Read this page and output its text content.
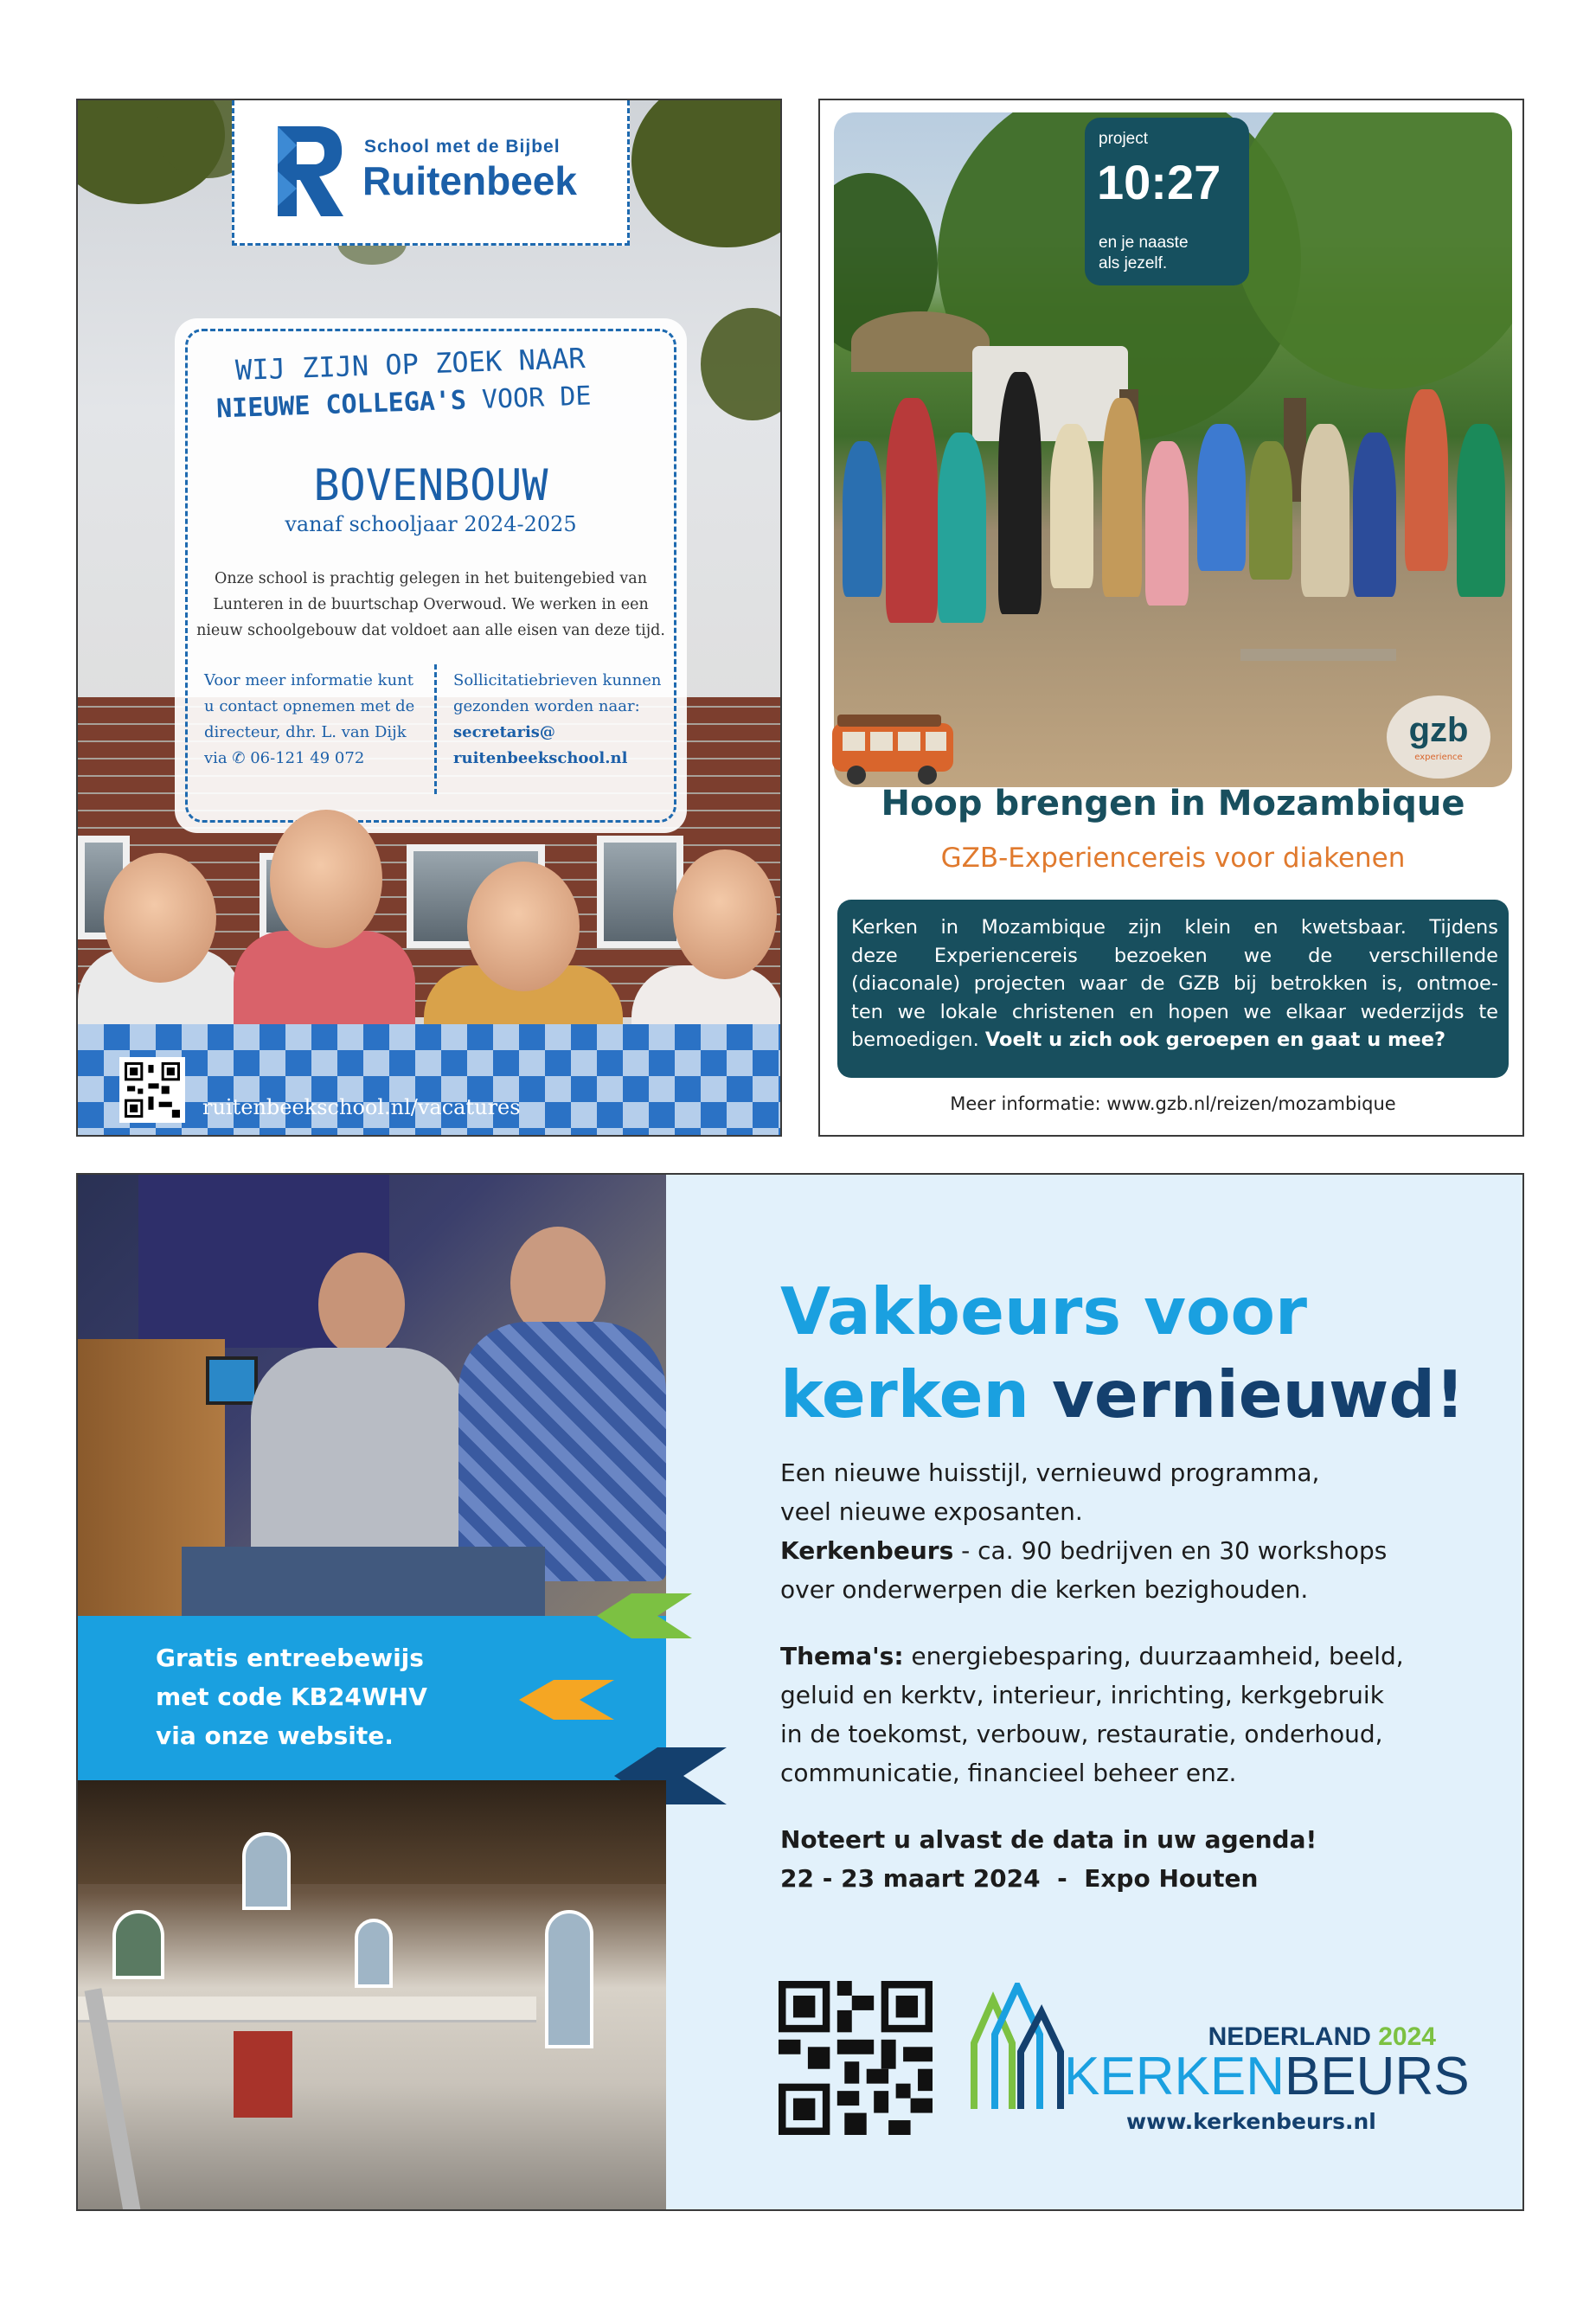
School met de Bijbel
Ruitenbeek
WIJ ZIJN OP ZOEK NAAR
NIEUWE COLLEGA'S VOOR DE
BOVENBOUW
vanaf schooljaar 2024-2025
Onze school is prachtig gelegen in het buitengebied van
Lunteren in de buurtschap Overwoud. We werken in een
nieuw schoolgebouw dat voldoet aan alle eisen van deze tijd.
Voor meer informatie kunt
u contact opnemen met de
directeur, dhr. L. van Dijk
via ✆ 06-121 49 072
Sollicitatiebrieven kunnen
gezonden worden naar:
secretaris@
ruitenbeekschool.nl
ruitenbeekschool.nl/vacatures
project
10:27
en je naaste
als jezelf.
gzb
experience
Hoop brengen in Mozambique
GZB-Experiencereis voor diakenen
Kerken in Mozambique zijn klein en kwetsbaar. Tijdens
deze Experiencereis bezoeken we de verschillende
(diaconale) projecten waar de GZB bij betrokken is, ontmoe-
ten we lokale christenen en hopen we elkaar wederzijds te
bemoedigen. Voelt u zich ook geroepen en gaat u mee?
Meer informatie: www.gzb.nl/reizen/mozambique
Gratis entreebewijs
met code KB24WHV
via onze website.
Vakbeurs voor
kerken vernieuwd!
Een nieuwe huisstijl, vernieuwd programma,
veel nieuwe exposanten.
Kerkenbeurs - ca. 90 bedrijven en 30 workshops
over onderwerpen die kerken bezighouden.
Thema's: energiebesparing, duurzaamheid, beeld,
geluid en kerktv, interieur, inrichting, kerkgebruik
in de toekomst, verbouw, restauratie, onderhoud,
communicatie, financieel beheer enz.
Noteert u alvast de data in uw agenda!
22 - 23 maart 2024  -  Expo Houten
NEDERLAND 2024
KERKENBEURS
www.kerkenbeurs.nl
